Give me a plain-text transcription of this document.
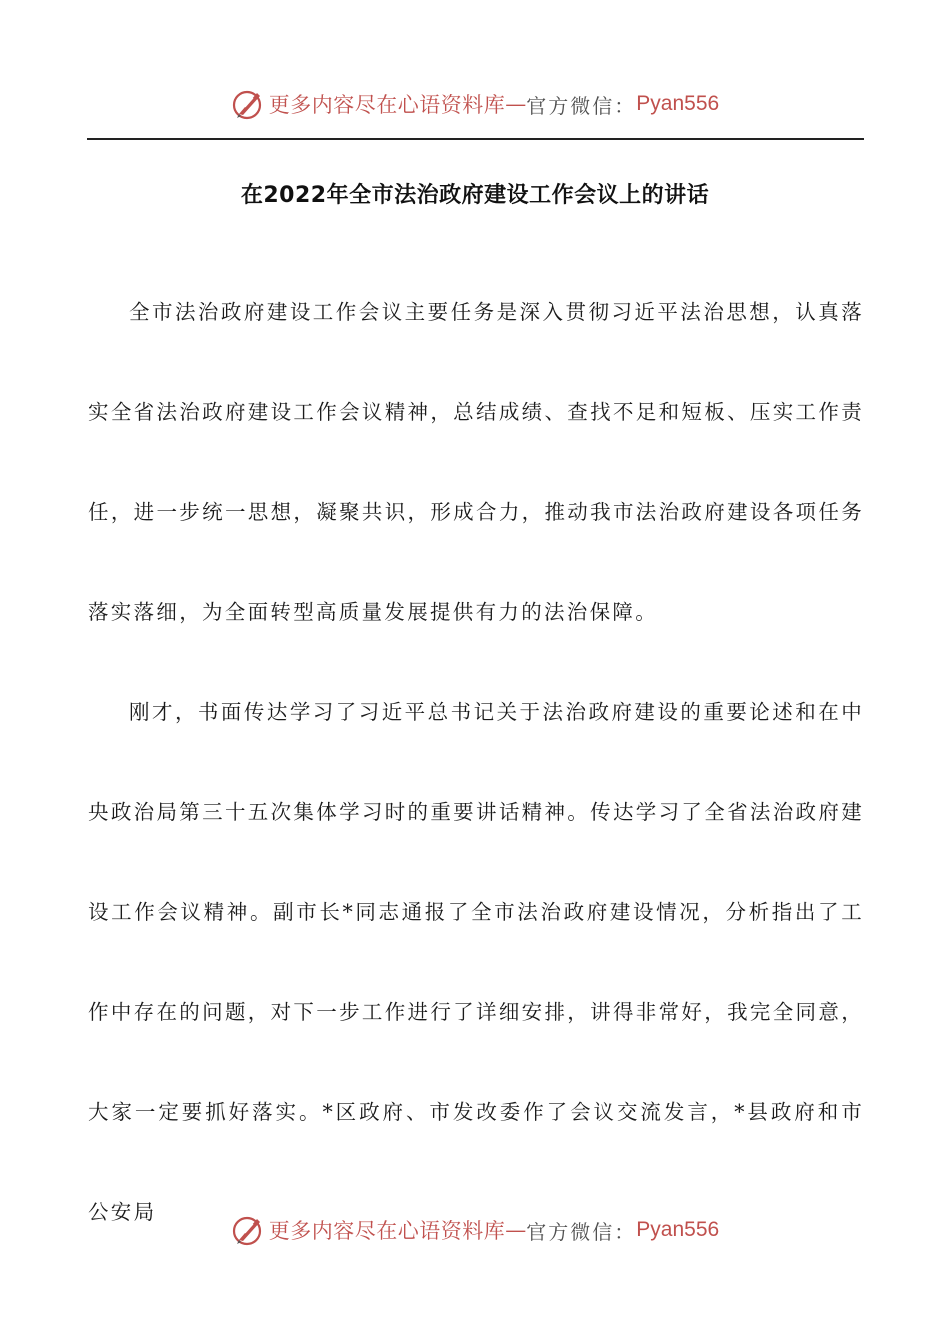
更多内容尽在心语资料库 — 官方微信： Pyan556
在2022年全市法治政府建设工作会议上的讲话

全市法治政府建设工作会议主要任务是深入贯彻习近平法治思想，认真落实全省法治政府建设工作会议精神，总结成绩、查找不足和短板、压实工作责任，进一步统一思想，凝聚共识，形成合力，推动我市法治政府建设各项任务落实落细，为全面转型高质量发展提供有力的法治保障。

刚才，书面传达学习了习近平总书记关于法治政府建设的重要论述和在中央政治局第三十五次集体学习时的重要讲话精神。传达学习了全省法治政府建设工作会议精神。副市长*同志通报了全市法治政府建设情况，分析指出了工作中存在的问题，对下一步工作进行了详细安排，讲得非常好，我完全同意，大家一定要抓好落实。*区政府、市发改委作了会议交流发言，*县政府和市公安局

更多内容尽在心语资料库 — 官方微信： Pyan556
